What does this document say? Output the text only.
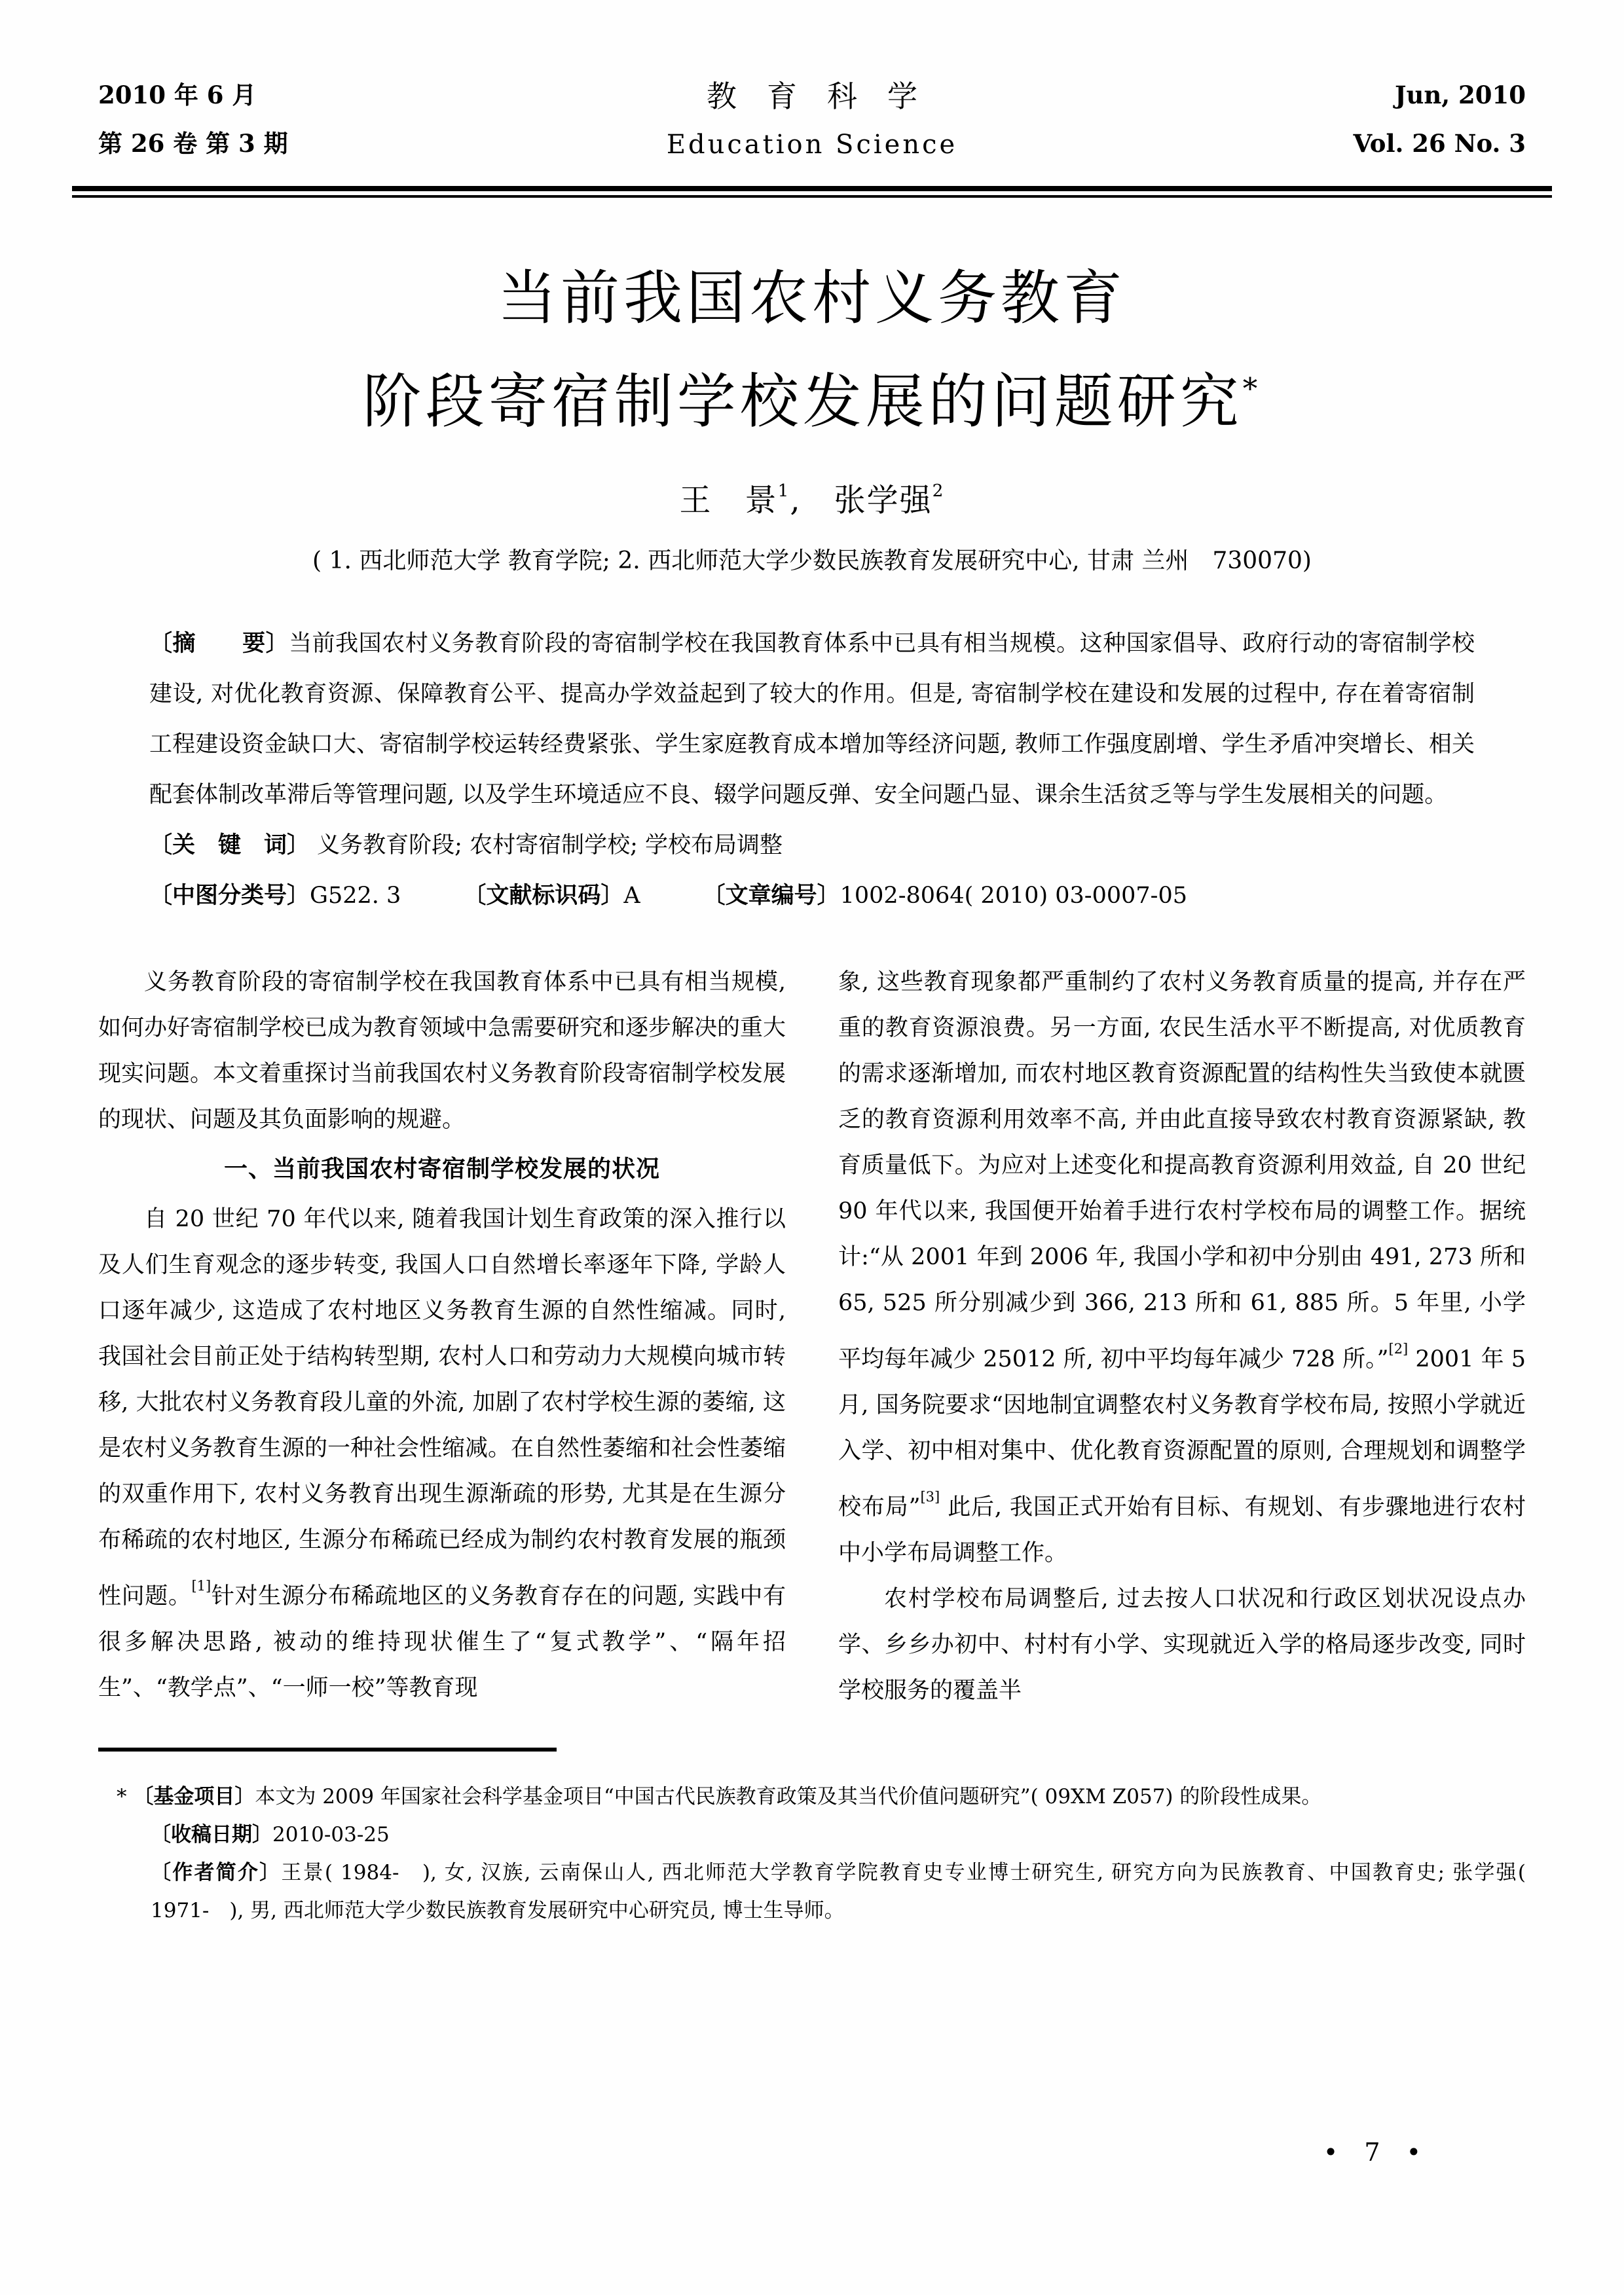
2010 年 6 月
第 26 卷 第 3 期
教育科学
Education Science
Jun, 2010
Vol. 26 No. 3

当前我国农村义务教育

阶段寄宿制学校发展的问题研究*

王　景$^1$,　张学强$^2$
( 1. 西北师范大学 教育学院; 2. 西北师范大学少数民族教育发展研究中心, 甘肃 兰州　730070)

〔摘　　要〕当前我国农村义务教育阶段的寄宿制学校在我国教育体系中已具有相当规模。这种国家倡导、政府行动的寄宿制学校建设, 对优化教育资源、保障教育公平、提高办学效益起到了较大的作用。但是, 寄宿制学校在建设和发展的过程中, 存在着寄宿制工程建设资金缺口大、寄宿制学校运转经费紧张、学生家庭教育成本增加等经济问题, 教师工作强度剧增、学生矛盾冲突增长、相关配套体制改革滞后等管理问题, 以及学生环境适应不良、辍学问题反弹、安全问题凸显、课余生活贫乏等与学生发展相关的问题。

〔关　键　词〕 义务教育阶段; 农村寄宿制学校; 学校布局调整

〔中图分类号〕G522. 3	〔文献标识码〕A	〔文章编号〕1002-8064( 2010) 03-0007-05

义务教育阶段的寄宿制学校在我国教育体系中已具有相当规模, 如何办好寄宿制学校已成为教育领域中急需要研究和逐步解决的重大现实问题。本文着重探讨当前我国农村义务教育阶段寄宿制学校发展的现状、问题及其负面影响的规避。

一、当前我国农村寄宿制学校发展的状况

自 20 世纪 70 年代以来, 随着我国计划生育政策的深入推行以及人们生育观念的逐步转变, 我国人口自然增长率逐年下降, 学龄人口逐年减少, 这造成了农村地区义务教育生源的自然性缩减。同时, 我国社会目前正处于结构转型期, 农村人口和劳动力大规模向城市转移, 大批农村义务教育段儿童的外流, 加剧了农村学校生源的萎缩, 这是农村义务教育生源的一种社会性缩减。在自然性萎缩和社会性萎缩的双重作用下, 农村义务教育出现生源渐疏的形势, 尤其是在生源分布稀疏的农村地区, 生源分布稀疏已经成为制约农村教育发展的瓶颈性问题。[1]针对生源分布稀疏地区的义务教育存在的问题, 实践中有很多解决思路, 被动的维持现状催生了“复式教学”、“隔年招生”、“教学点”、“一师一校”等教育现

象, 这些教育现象都严重制约了农村义务教育质量的提高, 并存在严重的教育资源浪费。另一方面, 农民生活水平不断提高, 对优质教育的需求逐渐增加, 而农村地区教育资源配置的结构性失当致使本就匮乏的教育资源利用效率不高, 并由此直接导致农村教育资源紧缺, 教育质量低下。为应对上述变化和提高教育资源利用效益, 自 20 世纪 90 年代以来, 我国便开始着手进行农村学校布局的调整工作。据统计:“从 2001 年到 2006 年, 我国小学和初中分别由 491, 273 所和 65, 525 所分别减少到 366, 213 所和 61, 885 所。5 年里, 小学平均每年减少 25012 所, 初中平均每年减少 728 所。”[2] 2001 年 5 月, 国务院要求“因地制宜调整农村义务教育学校布局, 按照小学就近入学、初中相对集中、优化教育资源配置的原则, 合理规划和调整学校布局”[3] 此后, 我国正式开始有目标、有规划、有步骤地进行农村中小学布局调整工作。

农村学校布局调整后, 过去按人口状况和行政区划状况设点办学、乡乡办初中、村村有小学、实现就近入学的格局逐步改变, 同时学校服务的覆盖半

* 〔基金项目〕本文为 2009 年国家社会科学基金项目“中国古代民族教育政策及其当代价值问题研究”( 09XM Z057) 的阶段性成果。

〔收稿日期〕2010-03-25

〔作者简介〕王景( 1984-　), 女, 汉族, 云南保山人, 西北师范大学教育学院教育史专业博士研究生, 研究方向为民族教育、中国教育史; 张学强( 1971-　), 男, 西北师范大学少数民族教育发展研究中心研究员, 博士生导师。

• 7 •
